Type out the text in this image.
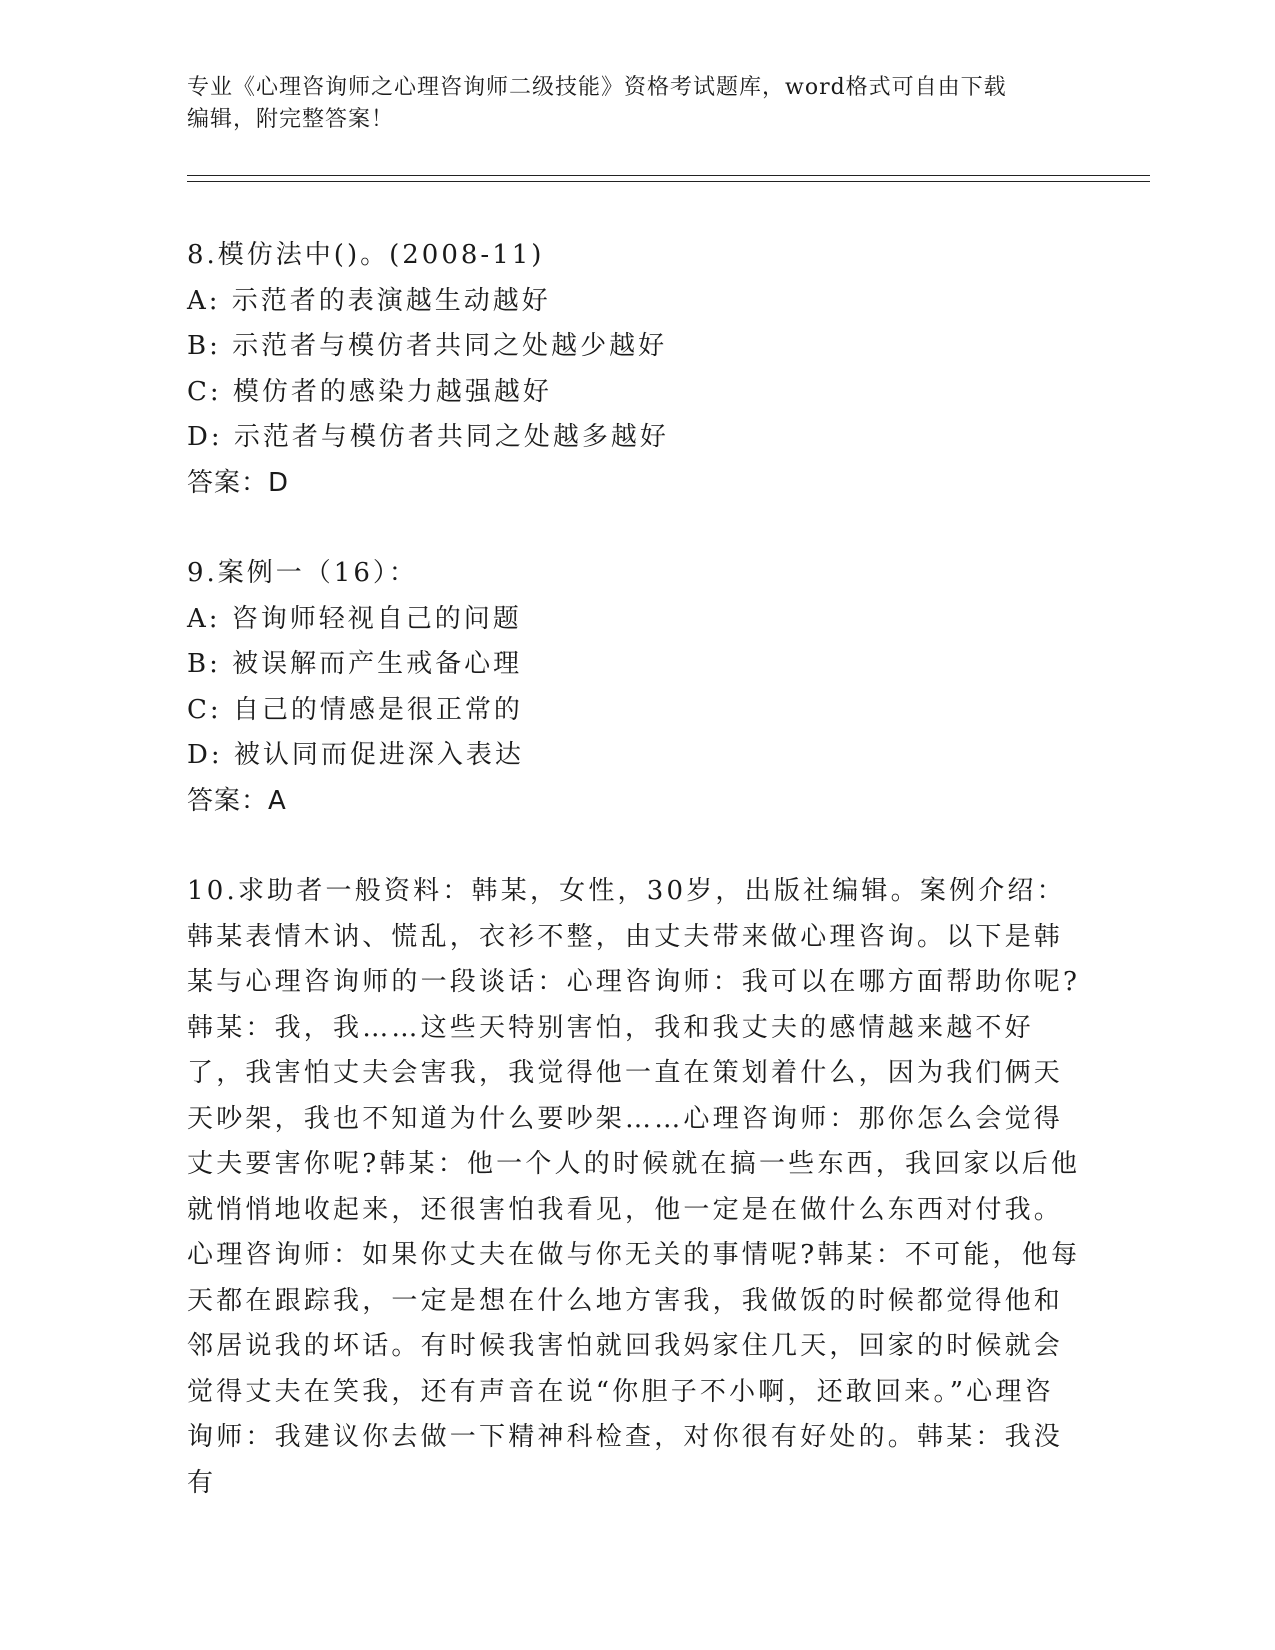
专业《心理咨询师之心理咨询师二级技能》资格考试题库，word格式可自由下载
编辑，附完整答案！
8.模仿法中()。(2008-11)
A: 示范者的表演越生动越好
B: 示范者与模仿者共同之处越少越好
C: 模仿者的感染力越强越好
D: 示范者与模仿者共同之处越多越好
答案：D
9.案例一（16）：
A: 咨询师轻视自己的问题
B: 被误解而产生戒备心理
C: 自己的情感是很正常的
D: 被认同而促进深入表达
答案：A
10.求助者一般资料：韩某，女性，30岁，出版社编辑。案例介绍：韩某表情木讷、慌乱，衣衫不整，由丈夫带来做心理咨询。以下是韩某与心理咨询师的一段谈话：心理咨询师：我可以在哪方面帮助你呢?韩某：我，我……这些天特别害怕，我和我丈夫的感情越来越不好了，我害怕丈夫会害我，我觉得他一直在策划着什么，因为我们俩天天吵架，我也不知道为什么要吵架……心理咨询师：那你怎么会觉得丈夫要害你呢?韩某：他一个人的时候就在搞一些东西，我回家以后他就悄悄地收起来，还很害怕我看见，他一定是在做什么东西对付我。心理咨询师：如果你丈夫在做与你无关的事情呢?韩某：不可能，他每天都在跟踪我，一定是想在什么地方害我，我做饭的时候都觉得他和邻居说我的坏话。有时候我害怕就回我妈家住几天，回家的时候就会觉得丈夫在笑我，还有声音在说“你胆子不小啊，还敢回来。”心理咨询师：我建议你去做一下精神科检查，对你很有好处的。韩某：我没有
